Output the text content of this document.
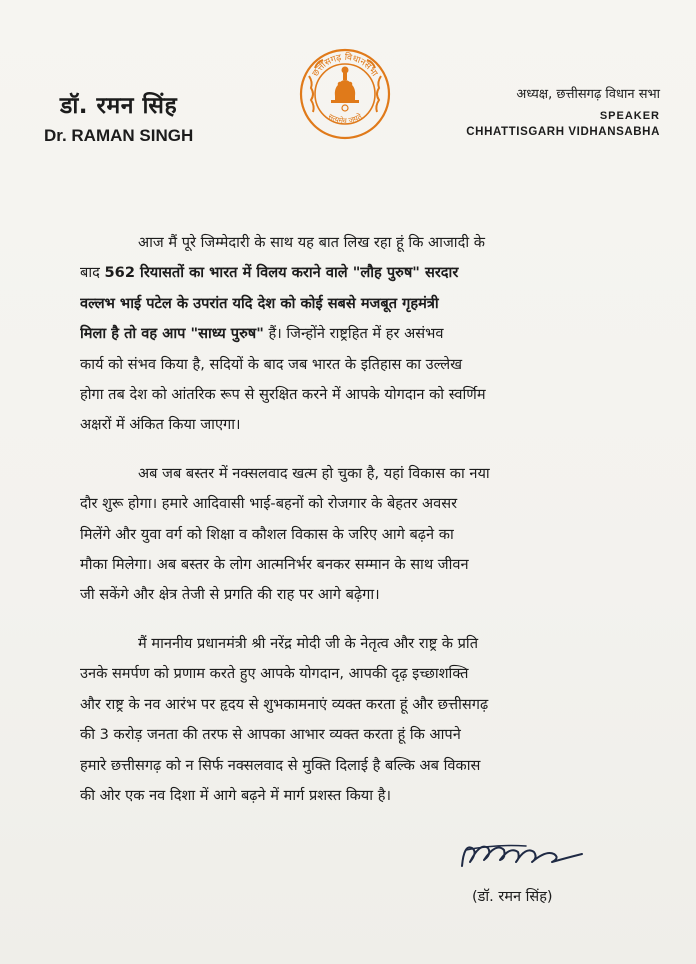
डॉ. रमन सिंह
Dr. RAMAN SINGH
छत्तीसगढ़ विधानसभा
सत्यमेव जयते
अध्यक्ष, छत्तीसगढ़ विधान सभा
SPEAKER
CHHATTISGARH VIDHANSABHA

आज मैं पूरे जिम्मेदारी के साथ यह बात लिख रहा हूं कि आजादी के

बाद 562 रियासतों का भारत में विलय कराने वाले "लौह पुरुष" सरदार

वल्लभ भाई पटेल के उपरांत यदि देश को कोई सबसे मजबूत गृहमंत्री

मिला है तो वह आप "साध्य पुरुष" हैं। जिन्होंने राष्ट्रहित में हर असंभव

कार्य को संभव किया है, सदियों के बाद जब भारत के इतिहास का उल्लेख

होगा तब देश को आंतरिक रूप से सुरक्षित करने में आपके योगदान को स्वर्णिम

अक्षरों में अंकित किया जाएगा।

अब जब बस्तर में नक्सलवाद खत्म हो चुका है, यहां विकास का नया

दौर शुरू होगा। हमारे आदिवासी भाई-बहनों को रोजगार के बेहतर अवसर

मिलेंगे और युवा वर्ग को शिक्षा व कौशल विकास के जरिए आगे बढ़ने का

मौका मिलेगा। अब बस्तर के लोग आत्मनिर्भर बनकर सम्मान के साथ जीवन

जी सकेंगे और क्षेत्र तेजी से प्रगति की राह पर आगे बढ़ेगा।

मैं माननीय प्रधानमंत्री श्री नरेंद्र मोदी जी के नेतृत्व और राष्ट्र के प्रति

उनके समर्पण को प्रणाम करते हुए आपके योगदान, आपकी दृढ़ इच्छाशक्ति

और राष्ट्र के नव आरंभ पर हृदय से शुभकामनाएं व्यक्त करता हूं और छत्तीसगढ़

की 3 करोड़ जनता की तरफ से आपका आभार व्यक्त करता हूं कि आपने

हमारे छत्तीसगढ़ को न सिर्फ नक्सलवाद से मुक्ति दिलाई है बल्कि अब विकास

की ओर एक नव दिशा में आगे बढ़ने में मार्ग प्रशस्त किया है।

(डॉ. रमन सिंह)
